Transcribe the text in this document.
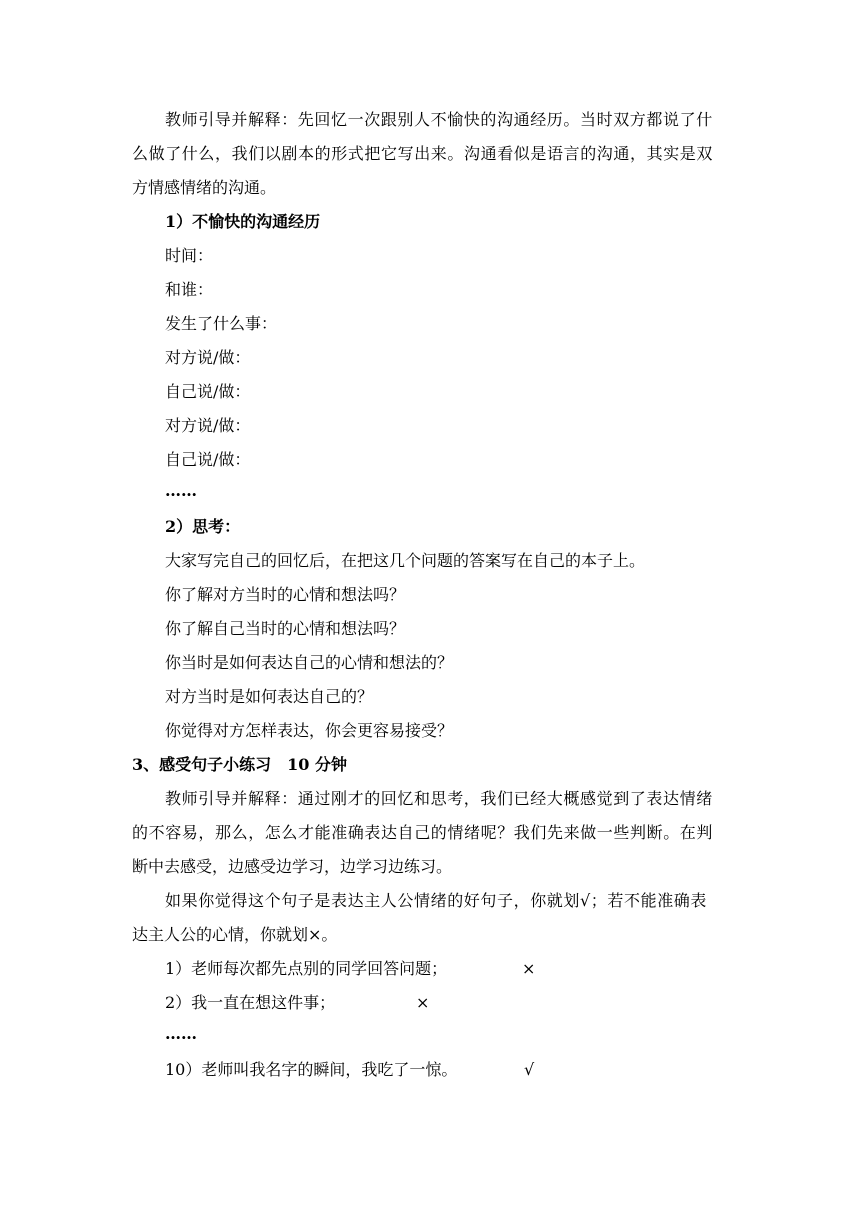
教师引导并解释：先回忆一次跟别人不愉快的沟通经历。当时双方都说了什

么做了什么，我们以剧本的形式把它写出来。沟通看似是语言的沟通，其实是双

方情感情绪的沟通。

1）不愉快的沟通经历

时间：

和谁：

发生了什么事：

对方说/做：

自己说/做：

对方说/做：

自己说/做：

……

2）思考：

大家写完自己的回忆后，在把这几个问题的答案写在自己的本子上。

你了解对方当时的心情和想法吗？

你了解自己当时的心情和想法吗？

你当时是如何表达自己的心情和想法的？

对方当时是如何表达自己的？

你觉得对方怎样表达，你会更容易接受？

3、感受句子小练习　10 分钟

教师引导并解释：通过刚才的回忆和思考，我们已经大概感觉到了表达情绪

的不容易，那么，怎么才能准确表达自己的情绪呢？我们先来做一些判断。在判

断中去感受，边感受边学习，边学习边练习。

如果你觉得这个句子是表达主人公情绪的好句子，你就划√；若不能准确表

达主人公的心情，你就划×。

1）老师每次都先点别的同学回答问题；	×

2）我一直在想这件事；	×

……

10）老师叫我名字的瞬间，我吃了一惊。	√
